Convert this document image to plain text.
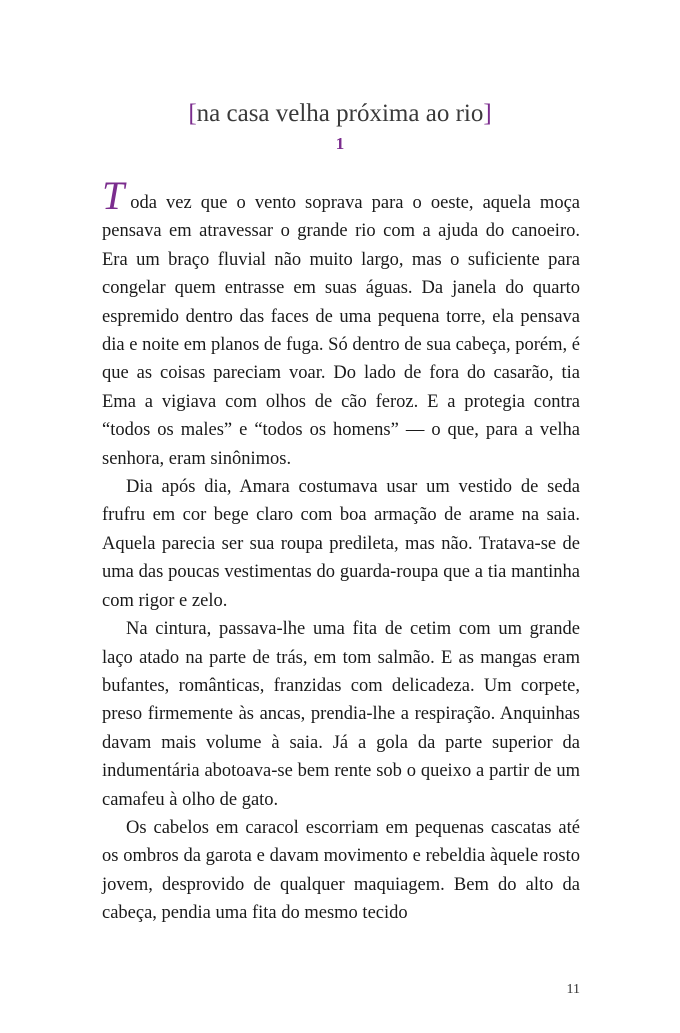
[na casa velha próxima ao rio]
1

Toda vez que o vento soprava para o oeste, aquela moça pensava em atravessar o grande rio com a ajuda do canoeiro. Era um braço fluvial não muito largo, mas o suficiente para congelar quem entrasse em suas águas. Da janela do quarto espremido dentro das faces de uma pequena torre, ela pensava dia e noite em planos de fuga. Só dentro de sua cabeça, porém, é que as coisas pareciam voar. Do lado de fora do casarão, tia Ema a vigiava com olhos de cão feroz. E a protegia contra “todos os males” e “todos os homens” — o que, para a velha senhora, eram sinônimos.

Dia após dia, Amara costumava usar um vestido de seda frufru em cor bege claro com boa armação de arame na saia. Aquela parecia ser sua roupa predileta, mas não. Tratava-se de uma das poucas vestimentas do guarda-roupa que a tia mantinha com rigor e zelo.

Na cintura, passava-lhe uma fita de cetim com um grande laço atado na parte de trás, em tom salmão. E as mangas eram bufantes, românticas, franzidas com delicadeza. Um corpete, preso firmemente às ancas, prendia-lhe a respiração. Anquinhas davam mais volume à saia. Já a gola da parte superior da indumentária abotoava-se bem rente sob o queixo a partir de um camafeu à olho de gato.

Os cabelos em caracol escorriam em pequenas cascatas até os ombros da garota e davam movimento e rebeldia àquele rosto jovem, desprovido de qualquer maquiagem. Bem do alto da cabeça, pendia uma fita do mesmo tecido

11
